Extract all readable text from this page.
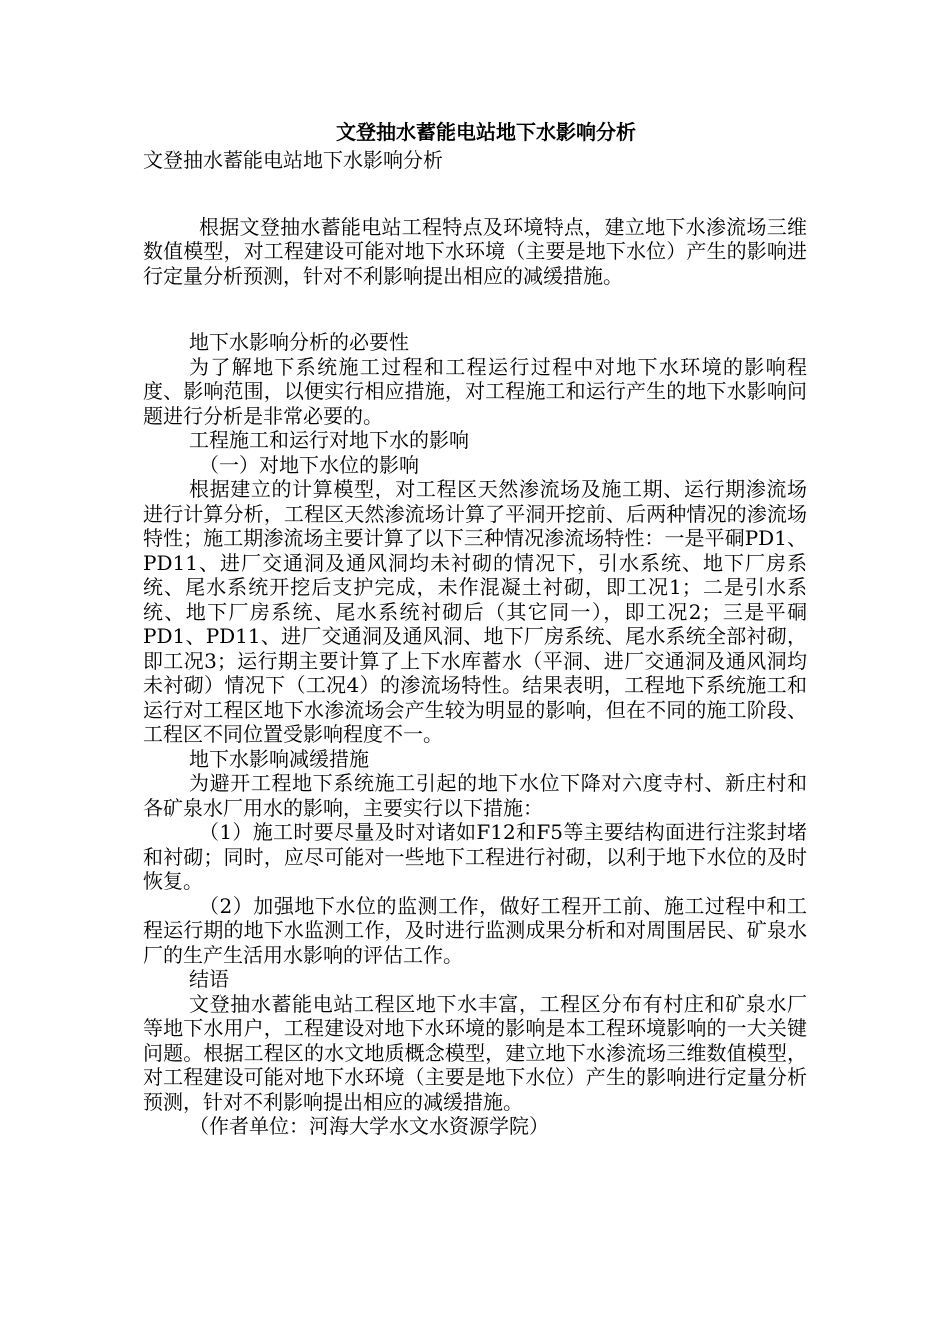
文登抽水蓄能电站地下水影响分析

文登抽水蓄能电站地下水影响分析

根据文登抽水蓄能电站工程特点及环境特点，建立地下水渗流场三维数值模型，对工程建设可能对地下水环境（主要是地下水位）产生的影响进行定量分析预测，针对不利影响提出相应的减缓措施。

地下水影响分析的必要性

为了解地下系统施工过程和工程运行过程中对地下水环境的影响程度、影响范围，以便实行相应措施，对工程施工和运行产生的地下水影响问题进行分析是非常必要的。

工程施工和运行对地下水的影响

（一）对地下水位的影响

根据建立的计算模型，对工程区天然渗流场及施工期、运行期渗流场进行计算分析，工程区天然渗流场计算了平洞开挖前、后两种情况的渗流场特性；施工期渗流场主要计算了以下三种情况渗流场特性：一是平硐PD1、PD11、进厂交通洞及通风洞均未衬砌的情况下，引水系统、地下厂房系统、尾水系统开挖后支护完成，未作混凝土衬砌，即工况1；二是引水系统、地下厂房系统、尾水系统衬砌后（其它同一），即工况2；三是平硐PD1、PD11、进厂交通洞及通风洞、地下厂房系统、尾水系统全部衬砌，即工况3；运行期主要计算了上下水库蓄水（平洞、进厂交通洞及通风洞均未衬砌）情况下（工况4）的渗流场特性。结果表明，工程地下系统施工和运行对工程区地下水渗流场会产生较为明显的影响，但在不同的施工阶段、工程区不同位置受影响程度不一。

地下水影响减缓措施

为避开工程地下系统施工引起的地下水位下降对六度寺村、新庄村和各矿泉水厂用水的影响，主要实行以下措施：

（1）施工时要尽量及时对诸如F12和F5等主要结构面进行注浆封堵和衬砌；同时，应尽可能对一些地下工程进行衬砌，以利于地下水位的及时恢复。

（2）加强地下水位的监测工作，做好工程开工前、施工过程中和工程运行期的地下水监测工作，及时进行监测成果分析和对周围居民、矿泉水厂的生产生活用水影响的评估工作。

结语

文登抽水蓄能电站工程区地下水丰富，工程区分布有村庄和矿泉水厂等地下水用户，工程建设对地下水环境的影响是本工程环境影响的一大关键问题。根据工程区的水文地质概念模型，建立地下水渗流场三维数值模型，对工程建设可能对地下水环境（主要是地下水位）产生的影响进行定量分析预测，针对不利影响提出相应的减缓措施。

（作者单位：河海大学水文水资源学院）
